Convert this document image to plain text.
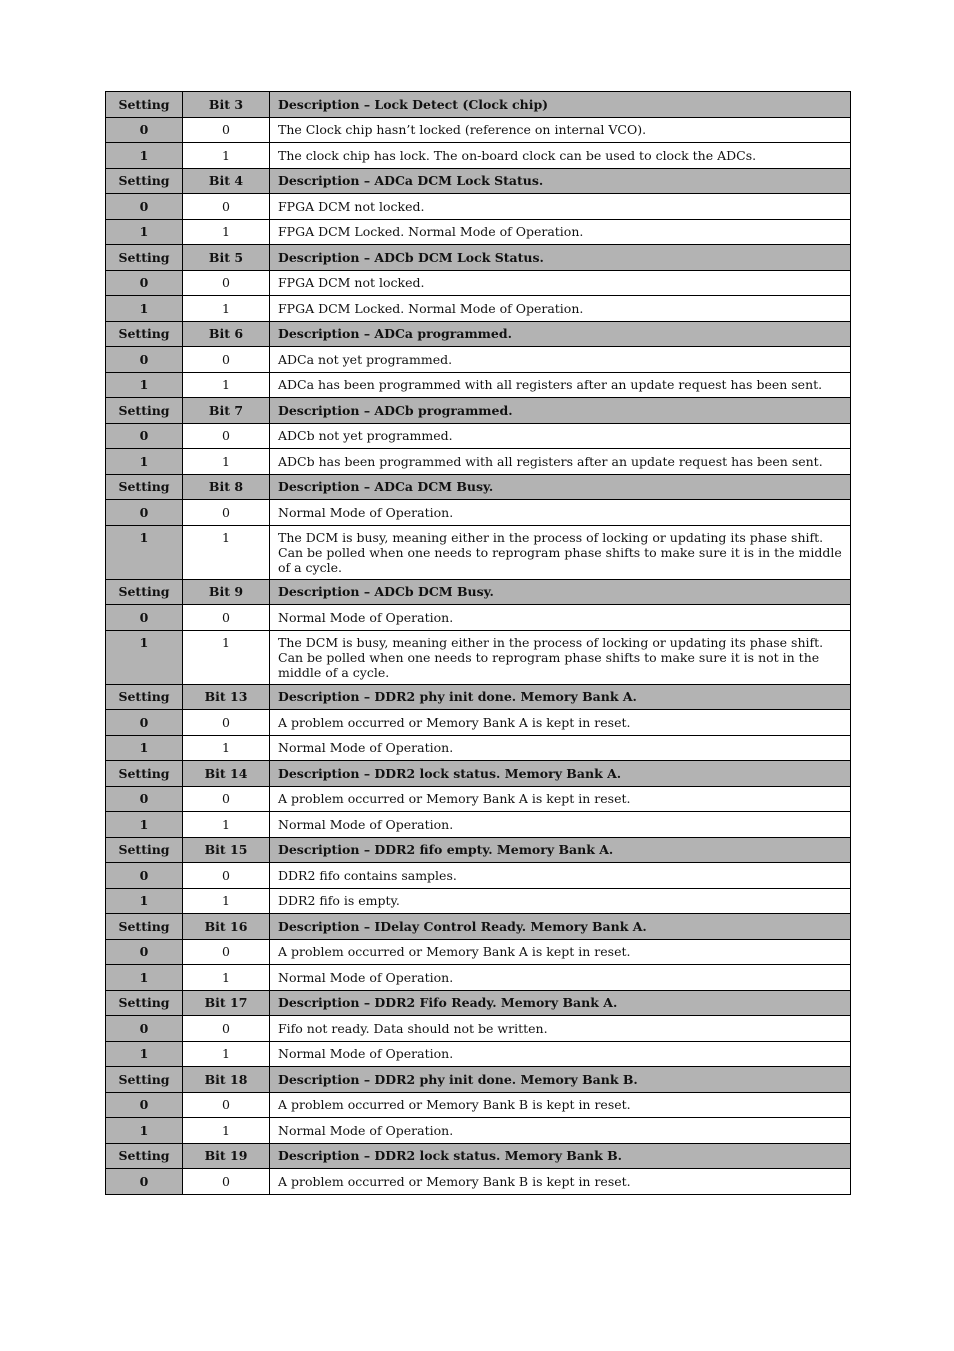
Setting	Bit 3	Description – Lock Detect (Clock chip)
0	0	The Clock chip hasn’t locked (reference on internal VCO).
1	1	The clock chip has lock. The on-board clock can be used to clock the ADCs.
Setting	Bit 4	Description – ADCa DCM Lock Status.
0	0	FPGA DCM not locked.
1	1	FPGA DCM Locked. Normal Mode of Operation.
Setting	Bit 5	Description – ADCb DCM Lock Status.
0	0	FPGA DCM not locked.
1	1	FPGA DCM Locked. Normal Mode of Operation.
Setting	Bit 6	Description – ADCa programmed.
0	0	ADCa not yet programmed.
1	1	ADCa has been programmed with all registers after an update request has been sent.
Setting	Bit 7	Description – ADCb programmed.
0	0	ADCb not yet programmed.
1	1	ADCb has been programmed with all registers after an update request has been sent.
Setting	Bit 8	Description – ADCa DCM Busy.
0	0	Normal Mode of Operation.
1	1	The DCM is busy, meaning either in the process of locking or updating its phase shift. Can be polled when one needs to reprogram phase shifts to make sure it is in the middle of a cycle.
Setting	Bit 9	Description – ADCb DCM Busy.
0	0	Normal Mode of Operation.
1	1	The DCM is busy, meaning either in the process of locking or updating its phase shift. Can be polled when one needs to reprogram phase shifts to make sure it is not in the middle of a cycle.
Setting	Bit 13	Description – DDR2 phy init done. Memory Bank A.
0	0	A problem occurred or Memory Bank A is kept in reset.
1	1	Normal Mode of Operation.
Setting	Bit 14	Description – DDR2 lock status. Memory Bank A.
0	0	A problem occurred or Memory Bank A is kept in reset.
1	1	Normal Mode of Operation.
Setting	Bit 15	Description – DDR2 fifo empty. Memory Bank A.
0	0	DDR2 fifo contains samples.
1	1	DDR2 fifo is empty.
Setting	Bit 16	Description – IDelay Control Ready. Memory Bank A.
0	0	A problem occurred or Memory Bank A is kept in reset.
1	1	Normal Mode of Operation.
Setting	Bit 17	Description – DDR2 Fifo Ready. Memory Bank A.
0	0	Fifo not ready. Data should not be written.
1	1	Normal Mode of Operation.
Setting	Bit 18	Description – DDR2 phy init done. Memory Bank B.
0	0	A problem occurred or Memory Bank B is kept in reset.
1	1	Normal Mode of Operation.
Setting	Bit 19	Description – DDR2 lock status. Memory Bank B.
0	0	A problem occurred or Memory Bank B is kept in reset.
